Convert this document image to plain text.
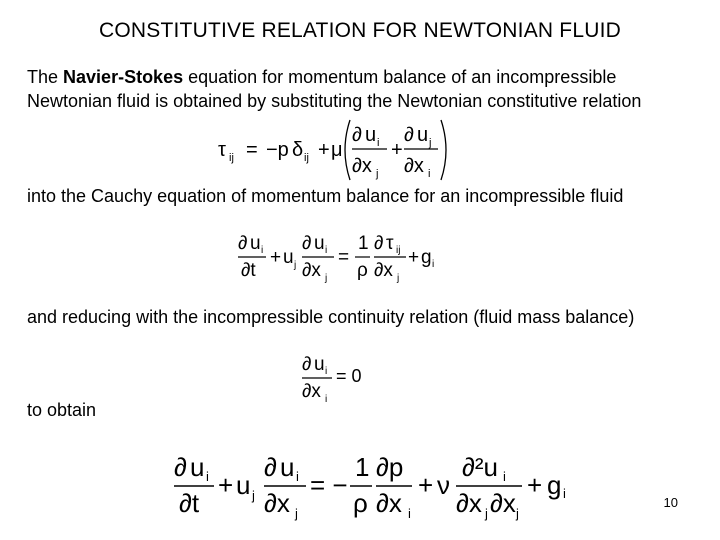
CONSTITUTIVE RELATION FOR NEWTONIAN FLUID
The Navier-Stokes equation for momentum balance of an incompressible Newtonian fluid is obtained by substituting the Newtonian constitutive relation
τ ij = −p δ ij + μ
∂ u i
∂x j
+
∂ u j
∂x i
into the Cauchy equation of momentum balance for an incompressible fluid
∂ u i
∂t
+ u j
∂ u i
∂x j
=
1
ρ
∂ τ ij
∂x j
+ g i
and reducing with the incompressible continuity relation (fluid mass balance)
∂ u i
∂x i
= 0
to obtain
∂ u i
∂t
+ u j
∂ u i
∂x j
= −
1
ρ
∂p
∂x i
+ ν
∂²u i
∂x j ∂x j
+ g i
10
